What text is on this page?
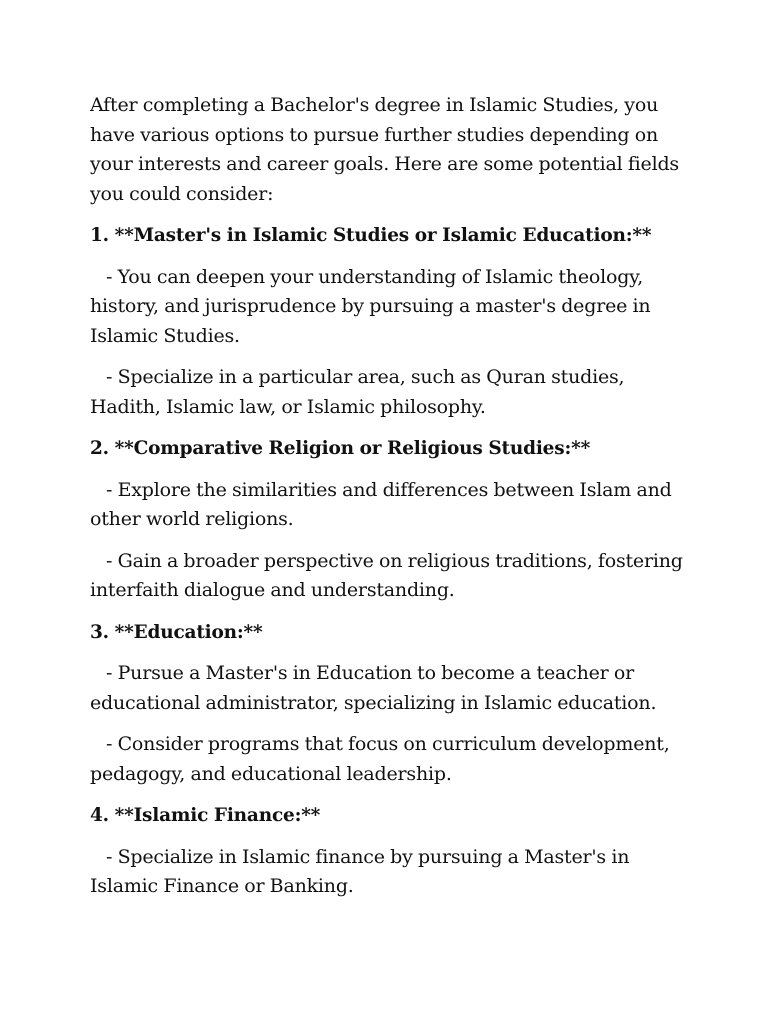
After completing a Bachelor's degree in Islamic Studies, you have various options to pursue further studies depending on your interests and career goals. Here are some potential fields you could consider:

1. **Master's in Islamic Studies or Islamic Education:**

- You can deepen your understanding of Islamic theology, history, and jurisprudence by pursuing a master's degree in Islamic Studies.

- Specialize in a particular area, such as Quran studies, Hadith, Islamic law, or Islamic philosophy.

2. **Comparative Religion or Religious Studies:**

- Explore the similarities and differences between Islam and other world religions.

- Gain a broader perspective on religious traditions, fostering interfaith dialogue and understanding.

3. **Education:**

- Pursue a Master's in Education to become a teacher or educational administrator, specializing in Islamic education.

- Consider programs that focus on curriculum development, pedagogy, and educational leadership.

4. **Islamic Finance:**

- Specialize in Islamic finance by pursuing a Master's in Islamic Finance or Banking.
